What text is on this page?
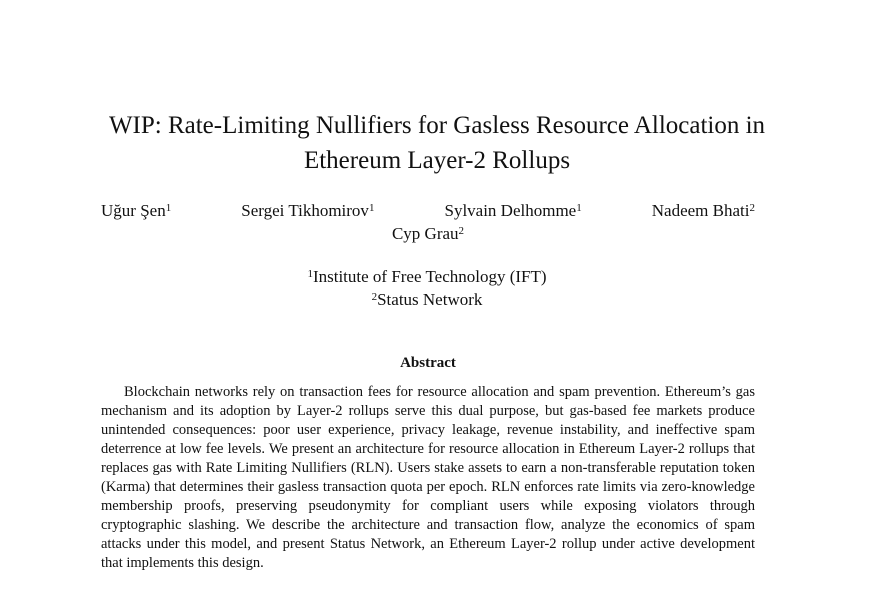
WIP: Rate-Limiting Nullifiers for Gasless Resource Allocation in
Ethereum Layer-2 Rollups
Uğur Şen$^1$	Sergei Tikhomirov$^1$	Sylvain Delhomme$^1$	Nadeem Bhati$^2$
Cyp Grau$^2$
$^1$Institute of Free Technology (IFT)
$^2$Status Network
Abstract

Blockchain networks rely on transaction fees for resource allocation and spam prevention. Ethereum’s gas mechanism and its adoption by Layer-2 rollups serve this dual purpose, but gas-based fee markets produce unintended consequences: poor user experience, privacy leakage, revenue instability, and ineffective spam deterrence at low fee levels. We present an architecture for resource allocation in Ethereum Layer-2 rollups that replaces gas with Rate Limiting Nullifiers (RLN). Users stake assets to earn a non-transferable reputation token (Karma) that determines their gasless transaction quota per epoch. RLN enforces rate limits via zero-knowledge membership proofs, preserving pseudonymity for compliant users while exposing violators through cryptographic slashing. We describe the architecture and transaction flow, analyze the economics of spam attacks under this model, and present Status Network, an Ethereum Layer-2 rollup under active development that implements this design.
